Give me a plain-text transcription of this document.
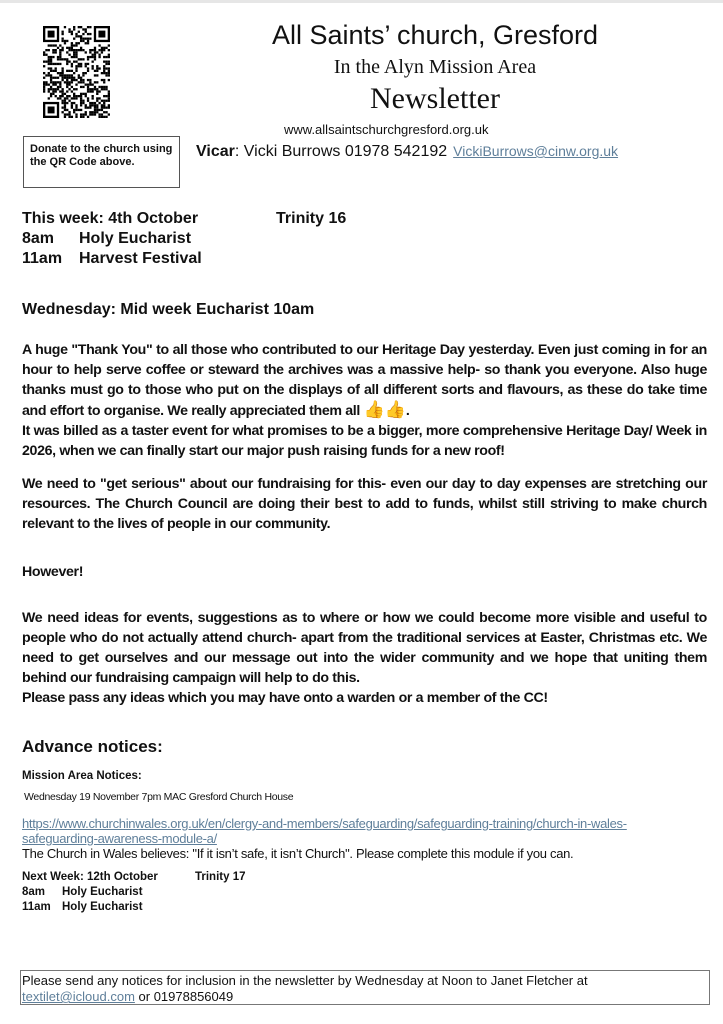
Donate to the church using the QR Code above.
All Saints’ church, Gresford
In the Alyn Mission Area
Newsletter
www.allsaintschurchgresford.org.uk
Vicar: Vicki Burrows 01978 542192 VickiBurrows@cinw.org.uk
This week: 4th October	Trinity 16
8am Holy Eucharist
11am Harvest Festival
Wednesday: Mid week Eucharist 10am

A huge "Thank You" to all those who contributed to our Heritage Day yesterday. Even just coming in for an hour to help serve coffee or steward the archives was a massive help- so thank you everyone. Also huge thanks must go to those who put on the displays of all different sorts and flavours, as these do take time and effort to organise. We really appreciated them all 👍👍.

It was billed as a taster event for what promises to be a bigger, more comprehensive Heritage Day/ Week in 2026, when we can finally start our major push raising funds for a new roof!

We need to "get serious" about our fundraising for this- even our day to day expenses are stretching our resources. The Church Council are doing their best to add to funds, whilst still striving to make church relevant to the lives of people in our community.

However!

We need ideas for events, suggestions as to where or how we could become more visible and useful to people who do not actually attend church- apart from the traditional services at Easter, Christmas etc. We need to get ourselves and our message out into the wider community and we hope that uniting them behind our fundraising campaign will help to do this.

Please pass any ideas which you may have onto a warden or a member of the CC!

Advance notices:
Mission Area Notices:
Wednesday 19 November 7pm MAC Gresford Church House
https://www.churchinwales.org.uk/en/clergy-and-members/safeguarding/safeguarding-training/church-in-wales-safeguarding-awareness-module-a/
The Church in Wales believes: "If it isn’t safe, it isn’t Church". Please complete this module if you can.
Next Week: 12th October	Trinity 17
8am Holy Eucharist
11am Holy Eucharist
Please send any notices for inclusion in the newsletter by Wednesday at Noon to Janet Fletcher at
textilet@icloud.com or 01978856049
